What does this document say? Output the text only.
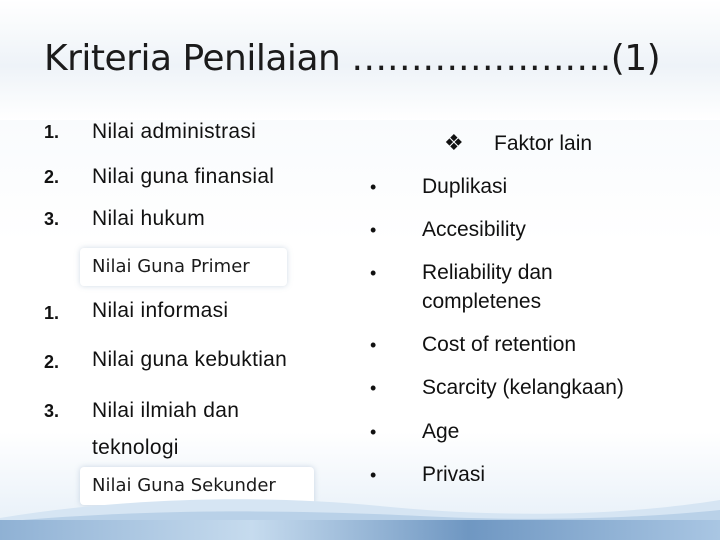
Kriteria Penilaian ………………….(1)
1. Nilai administrasi
2. Nilai guna finansial
3. Nilai hukum
Nilai Guna Primer
1. Nilai informasi
2. Nilai guna kebuktian
3. Nilai ilmiah dan teknologi
Nilai Guna Sekunder
❖ Faktor lain
• Duplikasi
• Accesibility
• Reliability dan completenes
• Cost of retention
• Scarcity (kelangkaan)
• Age
• Privasi
